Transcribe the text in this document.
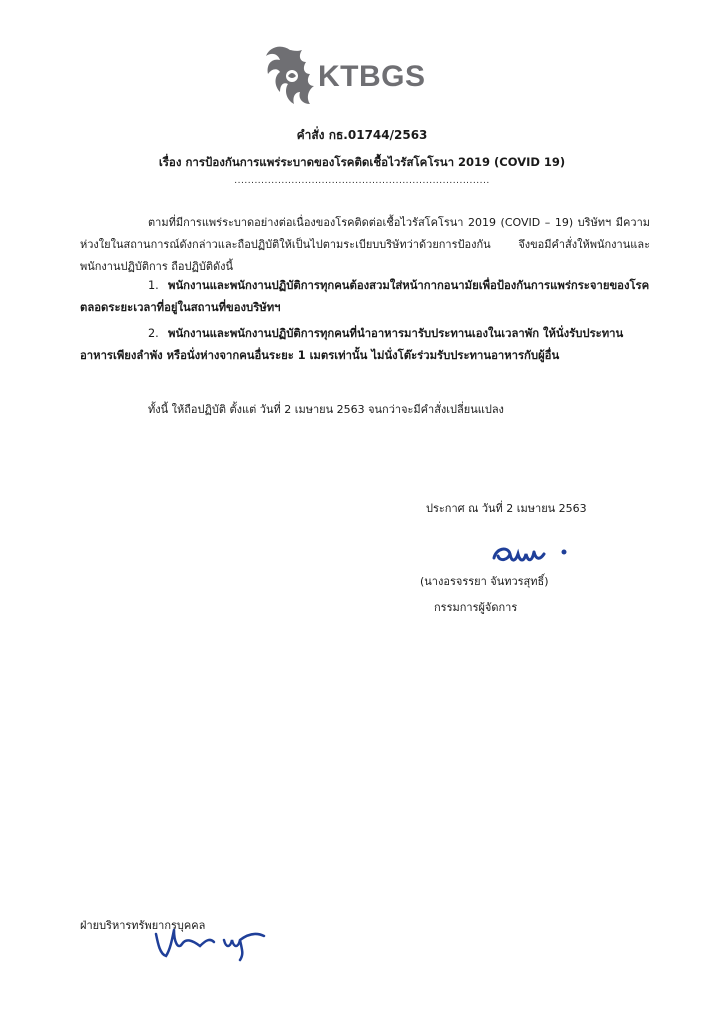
KTBGS
คำสั่ง กธ.01744/2563
เรื่อง การป้องกันการแพร่ระบาดของโรคติดเชื้อไวรัสโคโรนา 2019 (COVID 19)
............................................................................
ตามที่มีการแพร่ระบาดอย่างต่อเนื่องของโรคติดต่อเชื้อไวรัสโคโรนา 2019 (COVID – 19) บริษัทฯ มีความห่วงใยในสถานการณ์ดังกล่าวและถือปฏิบัติให้เป็นไปตามระเบียบบริษัทว่าด้วยการป้องกัน จึงขอมีคำสั่งให้พนักงานและพนักงานปฏิบัติการ ถือปฏิบัติดังนี้
1. พนักงานและพนักงานปฏิบัติการทุกคนต้องสวมใส่หน้ากากอนามัยเพื่อป้องกันการแพร่กระจายของโรคตลอดระยะเวลาที่อยู่ในสถานที่ของบริษัทฯ
2. พนักงานและพนักงานปฏิบัติการทุกคนที่นำอาหารมารับประทานเองในเวลาพัก ให้นั่งรับประทานอาหารเพียงลำพัง หรือนั่งห่างจากคนอื่นระยะ 1 เมตรเท่านั้น ไม่นั่งโต๊ะร่วมรับประทานอาหารกับผู้อื่น
ทั้งนี้ ให้ถือปฏิบัติ ตั้งแต่ วันที่ 2 เมษายน 2563 จนกว่าจะมีคำสั่งเปลี่ยนแปลง
ประกาศ ณ วันที่ 2 เมษายน 2563
(นางอรจรรยา จันทวรสุทธิ์)
กรรมการผู้จัดการ
ฝ่ายบริหารทรัพยากรบุคคล
